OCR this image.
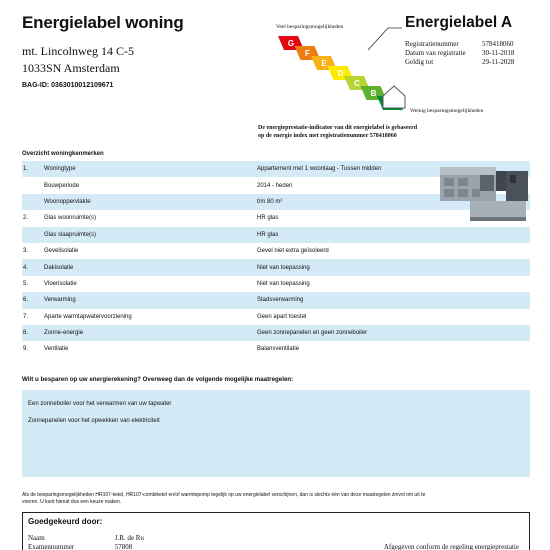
Energielabel woning
mt. Lincolnweg 14 C-5
1033SN Amsterdam
BAG-ID: 0363010012109671
Veel besparingsmogelijkheden
G
F
E
D
C
B
Weinig besparingsmogelijkheden
Energielabel A
Registratienummer	578418060
Datum van registratie	30-11-2018
Geldig tot	29-11-2028
De energieprestatie-indicator van dit energielabel is gebaseerd
op de energie index met registratienummer 578418060
Overzicht woningkenmerken
1.	Woningtype	Appartement met 1 woonlaag - Tussen midden
Bouwperiode	2014 - heden
Woonoppervlakte	t/m 80 m²
2.	Glas woonruimte(s)	HR glas
Glas slaapruimte(s)	HR glas
3.	Gevelisolatie	Gevel niet extra geïsoleerd
4.	Dakisolatie	Niet van toepassing
5.	Vloerisolatie	Niet van toepassing
6.	Verwarming	Stadsverwarming
7.	Aparte warmtapwatervoorziening	Geen apart toestel
8.	Zonne-energie	Geen zonnepanelen en geen zonneboiler
9.	Ventilatie	Balansventilatie
Wilt u besparen op uw energierekening? Overweeg dan de volgende mogelijke maatregelen:
Een zonneboiler voor het verwarmen van uw tapwater
Zonnepanelen voor het opwekken van elektriciteit
Als de besparingsmogelijkheden HR107-ketel, HR107-combiketel en/of warmtepomp tegelijk op uw energielabel verschijnen, dan is slechts één van deze maatregelen zinvol om uit te
voeren. U kunt hieruit dus een keuze maken.
Goedgekeurd door:
Naam	J.R. de Ru
Examennummer	57808	Afgegeven conform de regeling energieprestatie
